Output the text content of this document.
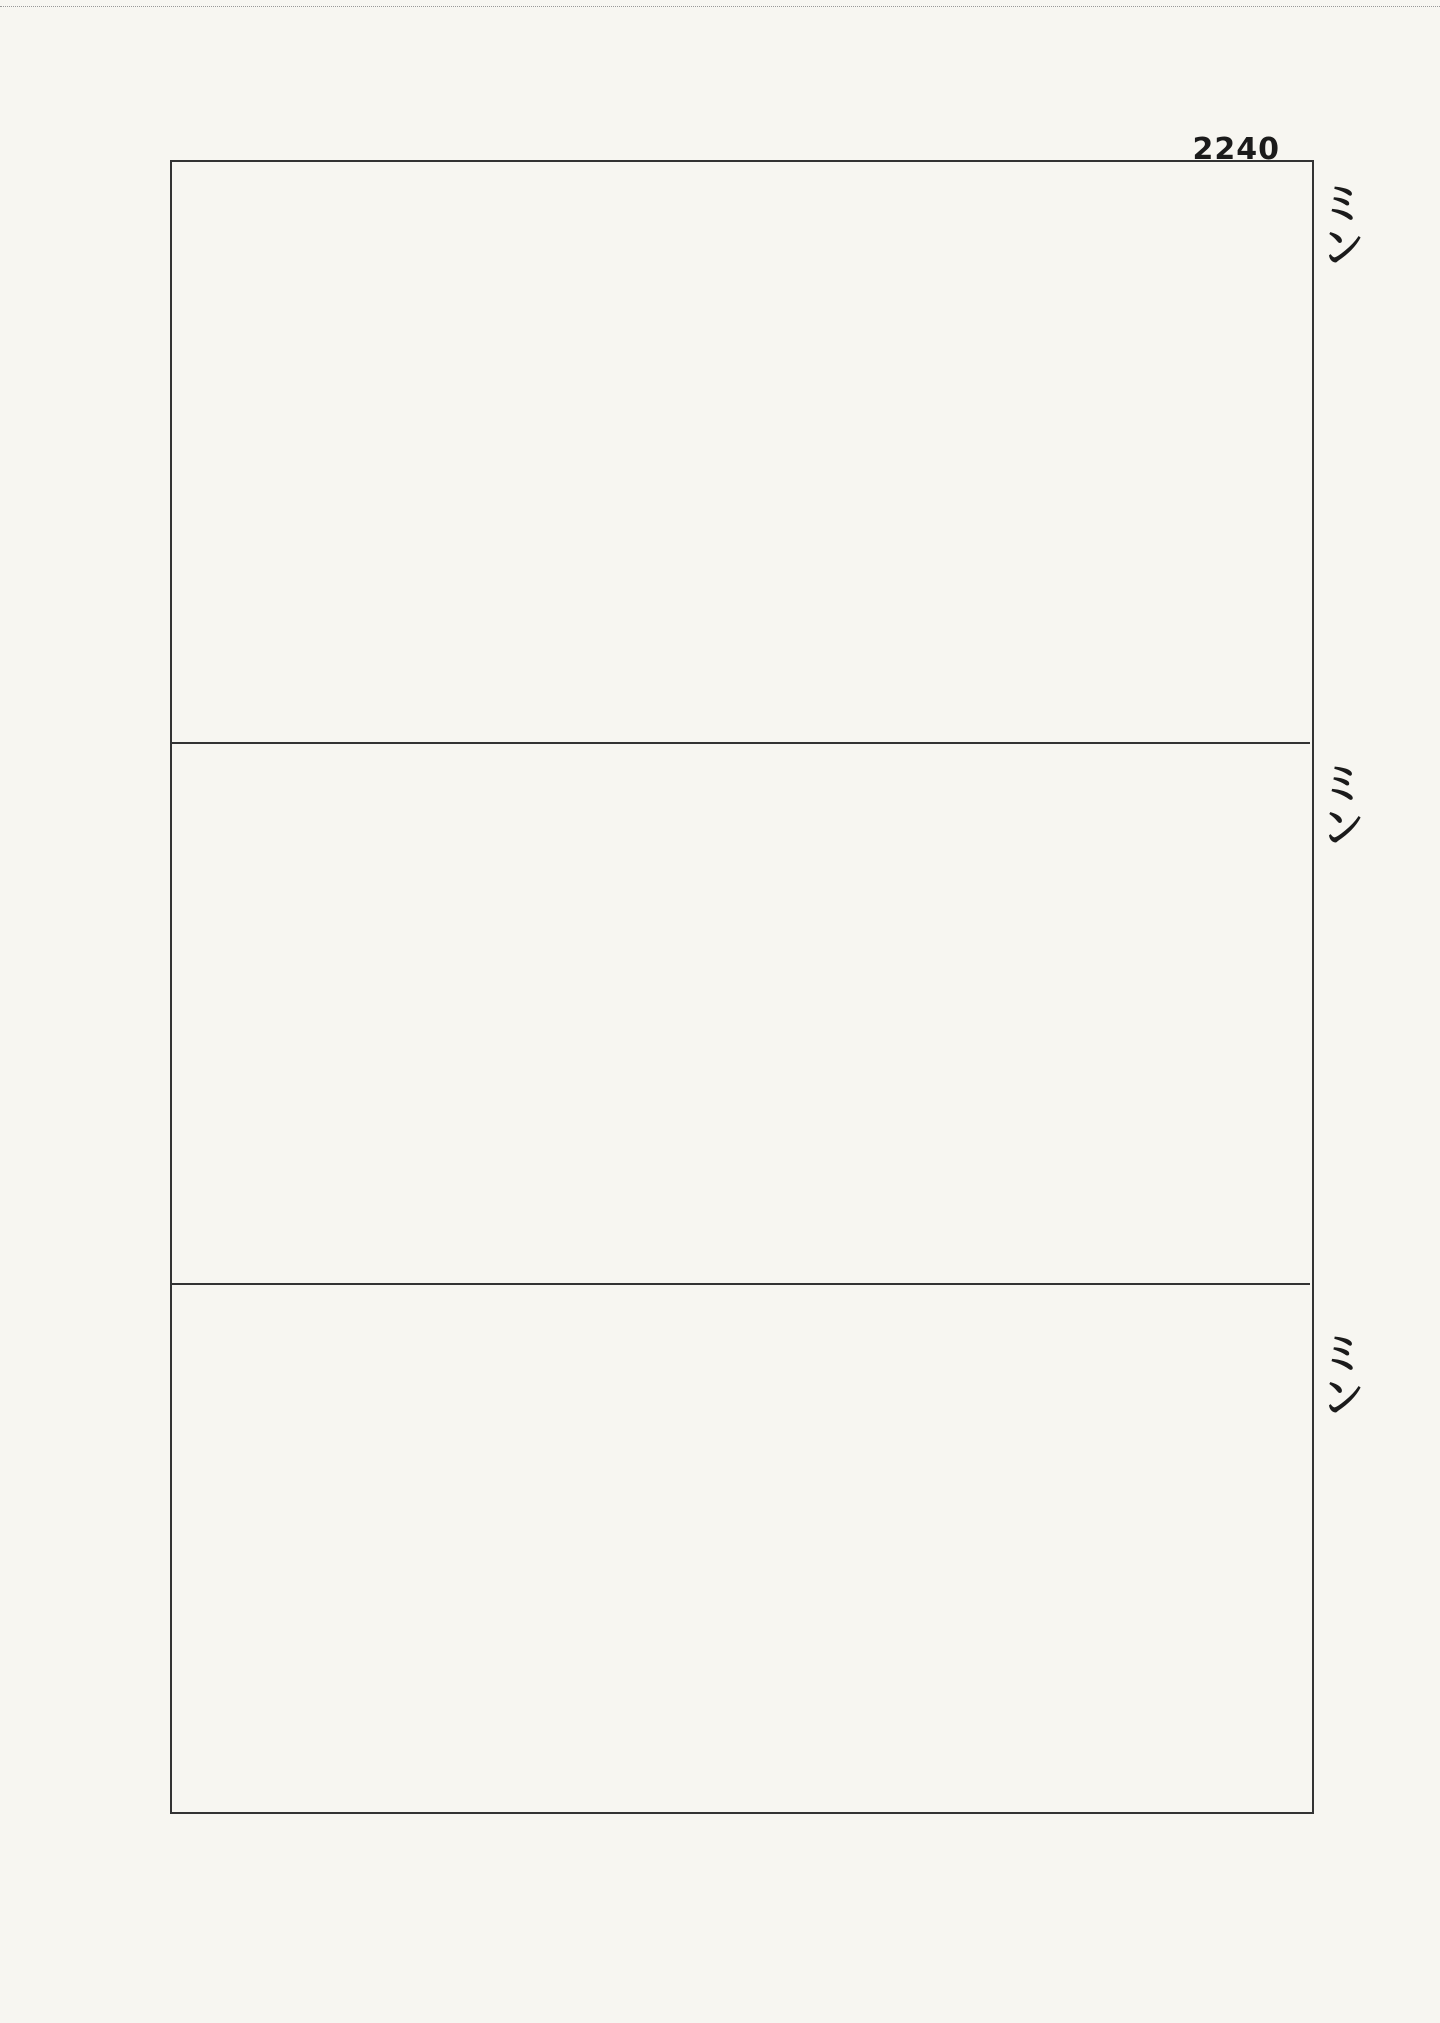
2240
ミン
ミン
ミン
